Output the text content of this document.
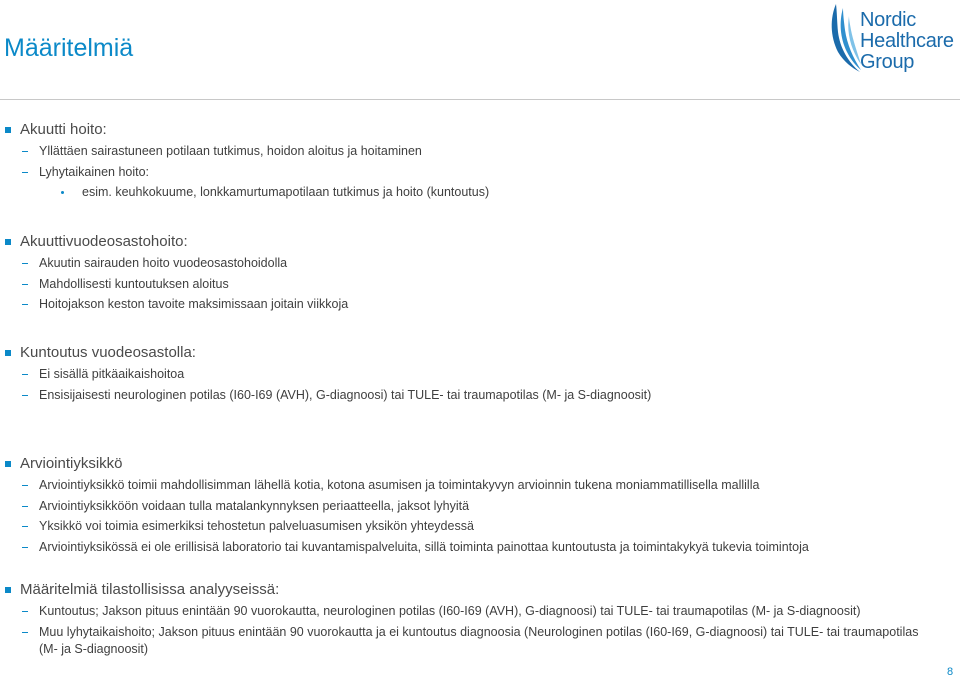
Määritelmiä
Nordic
Healthcare
Group
Akuutti hoito:
Yllättäen sairastuneen potilaan tutkimus, hoidon aloitus ja hoitaminen
Lyhytaikainen hoito:
esim. keuhkokuume, lonkkamurtumapotilaan tutkimus ja hoito (kuntoutus)
Akuuttivuodeosastohoito:
Akuutin sairauden hoito vuodeosastohoidolla
Mahdollisesti kuntoutuksen aloitus
Hoitojakson keston tavoite maksimissaan joitain viikkoja
Kuntoutus vuodeosastolla:
Ei sisällä pitkäaikaishoitoa
Ensisijaisesti neurologinen potilas (I60-I69 (AVH), G-diagnoosi) tai TULE- tai traumapotilas (M- ja S-diagnoosit)
Arviointiyksikkö
Arviointiyksikkö toimii mahdollisimman lähellä kotia, kotona asumisen ja toimintakyvyn arvioinnin tukena moniammatillisella mallilla
Arviointiyksikköön voidaan tulla matalankynnyksen periaatteella, jaksot lyhyitä
Yksikkö voi toimia esimerkiksi tehostetun palveluasumisen yksikön yhteydessä
Arviointiyksikössä ei ole erillisisä laboratorio tai kuvantamispalveluita, sillä toiminta painottaa kuntoutusta ja toimintakykyä tukevia toimintoja
Määritelmiä tilastollisissa analyyseissä:
Kuntoutus; Jakson pituus enintään 90 vuorokautta, neurologinen potilas (I60-I69 (AVH), G-diagnoosi) tai TULE- tai traumapotilas (M- ja S-diagnoosit)
Muu lyhytaikaishoito; Jakson pituus enintään 90 vuorokautta ja ei kuntoutus diagnoosia (Neurologinen potilas (I60-I69, G-diagnoosi) tai TULE- tai traumapotilas (M- ja S-diagnoosit)
8
